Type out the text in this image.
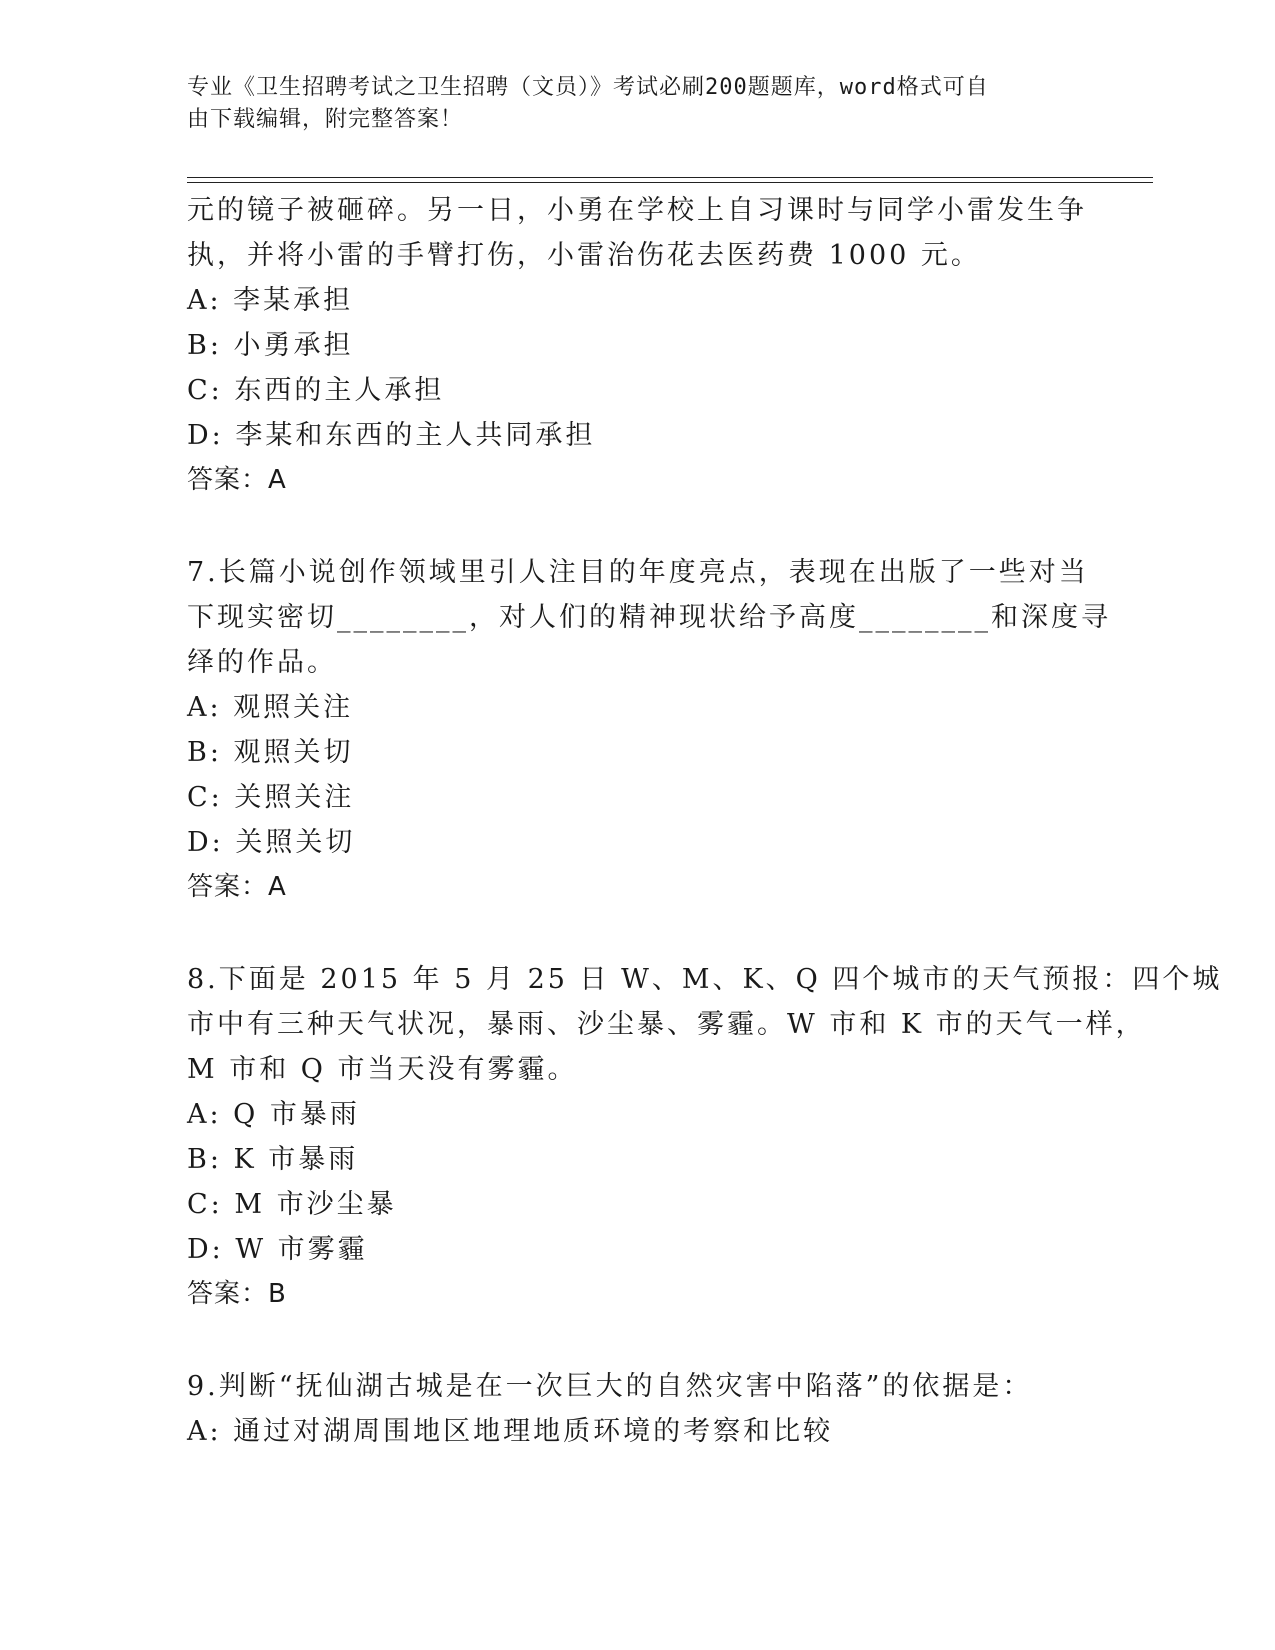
专业《卫生招聘考试之卫生招聘（文员）》考试必刷200题题库，word格式可自
由下载编辑，附完整答案！
元的镜子被砸碎。另一日，小勇在学校上自习课时与同学小雷发生争
执，并将小雷的手臂打伤，小雷治伤花去医药费 1000 元。
A: 李某承担
B: 小勇承担
C: 东西的主人承担
D: 李某和东西的主人共同承担
答案：A
7.长篇小说创作领域里引人注目的年度亮点，表现在出版了一些对当
下现实密切________，对人们的精神现状给予高度________和深度寻
绎的作品。
A: 观照关注
B: 观照关切
C: 关照关注
D: 关照关切
答案：A
8.下面是 2015 年 5 月 25 日 W、M、K、Q 四个城市的天气预报：四个城
市中有三种天气状况，暴雨、沙尘暴、雾霾。W 市和 K 市的天气一样，
M 市和 Q 市当天没有雾霾。
A: Q 市暴雨
B: K 市暴雨
C: M 市沙尘暴
D: W 市雾霾
答案：B
9.判断“抚仙湖古城是在一次巨大的自然灾害中陷落”的依据是：
A: 通过对湖周围地区地理地质环境的考察和比较
